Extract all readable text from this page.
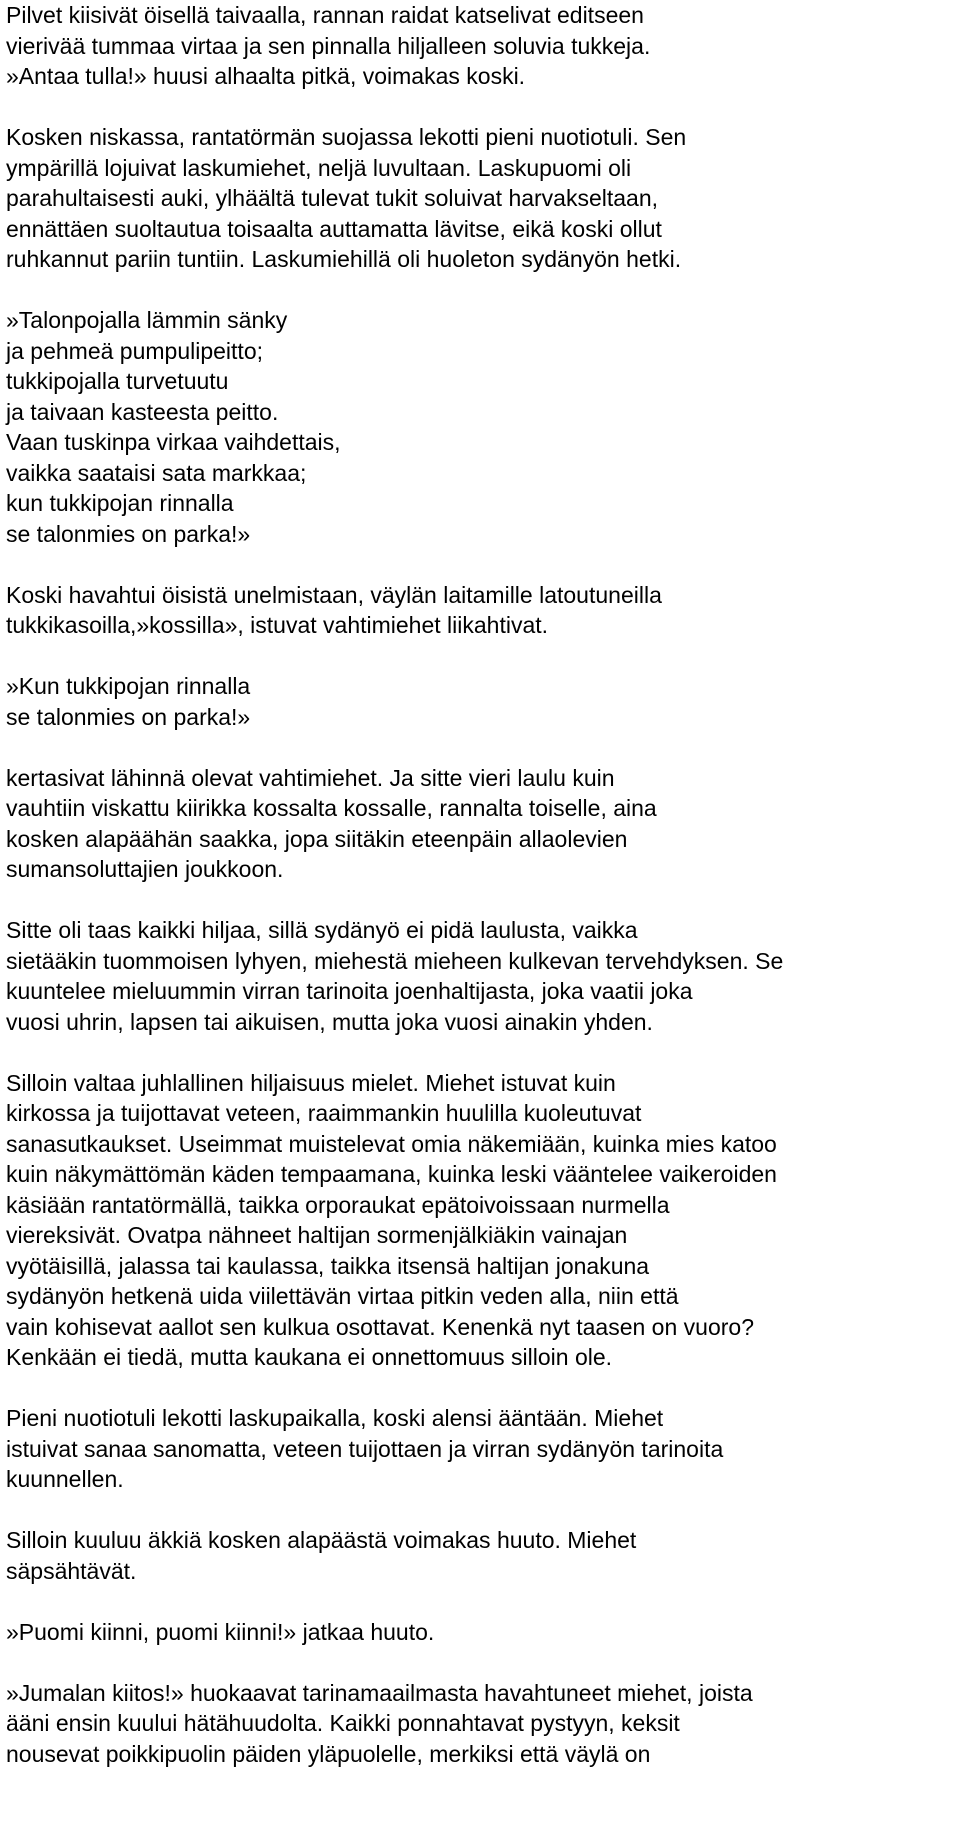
Pilvet kiisivät öisellä taivaalla, rannan raidat katselivat editseen
vierivää tummaa virtaa ja sen pinnalla hiljalleen soluvia tukkeja.
»Antaa tulla!» huusi alhaalta pitkä, voimakas koski.
Kosken niskassa, rantatörmän suojassa lekotti pieni nuotiotuli. Sen
ympärillä lojuivat laskumiehet, neljä luvultaan. Laskupuomi oli
parahultaisesti auki, ylhäältä tulevat tukit soluivat harvakseltaan,
ennättäen suoltautua toisaalta auttamatta lävitse, eikä koski ollut
ruhkannut pariin tuntiin. Laskumiehillä oli huoleton sydänyön hetki.
»Talonpojalla lämmin sänky
ja pehmeä pumpulipeitto;
tukkipojalla turvetuutu
ja taivaan kasteesta peitto.
Vaan tuskinpa virkaa vaihdettais,
vaikka saataisi sata markkaa;
kun tukkipojan rinnalla
se talonmies on parka!»
Koski havahtui öisistä unelmistaan, väylän laitamille latoutuneilla
tukkikasoilla,»kossilla», istuvat vahtimiehet liikahtivat.
»Kun tukkipojan rinnalla
se talonmies on parka!»
kertasivat lähinnä olevat vahtimiehet. Ja sitte vieri laulu kuin
vauhtiin viskattu kiirikka kossalta kossalle, rannalta toiselle, aina
kosken alapäähän saakka, jopa siitäkin eteenpäin allaolevien
sumansoluttajien joukkoon.
Sitte oli taas kaikki hiljaa, sillä sydänyö ei pidä laulusta, vaikka
sietääkin tuommoisen lyhyen, miehestä mieheen kulkevan tervehdyksen. Se
kuuntelee mieluummin virran tarinoita joenhaltijasta, joka vaatii joka
vuosi uhrin, lapsen tai aikuisen, mutta joka vuosi ainakin yhden.
Silloin valtaa juhlallinen hiljaisuus mielet. Miehet istuvat kuin
kirkossa ja tuijottavat veteen, raaimmankin huulilla kuoleutuvat
sanasutkaukset. Useimmat muistelevat omia näkemiään, kuinka mies katoo
kuin näkymättömän käden tempaamana, kuinka leski vääntelee vaikeroiden
käsiään rantatörmällä, taikka orporaukat epätoivoissaan nurmella
viereksivät. Ovatpa nähneet haltijan sormenjälkiäkin vainajan
vyötäisillä, jalassa tai kaulassa, taikka itsensä haltijan jonakuna
sydänyön hetkenä uida viilettävän virtaa pitkin veden alla, niin että
vain kohisevat aallot sen kulkua osottavat. Kenenkä nyt taasen on vuoro?
Kenkään ei tiedä, mutta kaukana ei onnettomuus silloin ole.
Pieni nuotiotuli lekotti laskupaikalla, koski alensi ääntään. Miehet
istuivat sanaa sanomatta, veteen tuijottaen ja virran sydänyön tarinoita
kuunnellen.
Silloin kuuluu äkkiä kosken alapäästä voimakas huuto. Miehet
säpsähtävät.
»Puomi kiinni, puomi kiinni!» jatkaa huuto.
»Jumalan kiitos!» huokaavat tarinamaailmasta havahtuneet miehet, joista
ääni ensin kuului hätähuudolta. Kaikki ponnahtavat pystyyn, keksit
nousevat poikkipuolin päiden yläpuolelle, merkiksi että väylä on
